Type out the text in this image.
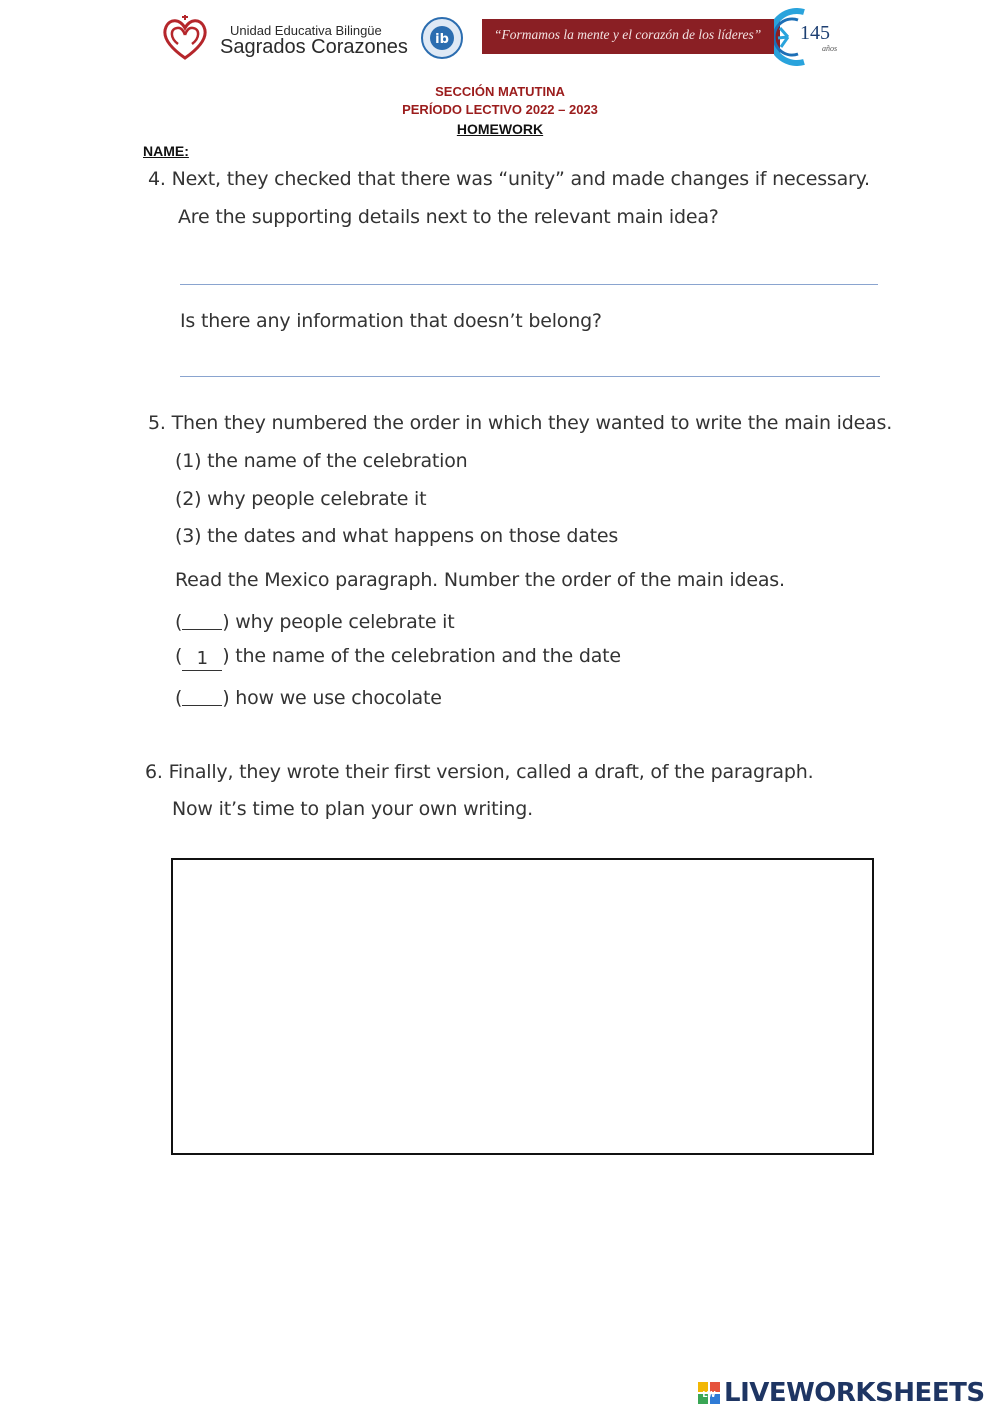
Unidad Educativa Bilingüe
Sagrados Corazones ib	“Formamos la mente y el corazón de los líderes” 145
años
SECCIÓN MATUTINA
PERÍODO LECTIVO 2022 – 2023
HOMEWORK
NAME:
4. Next, they checked that there was “unity” and made changes if necessary.
Are the supporting details next to the relevant main idea?
Is there any information that doesn’t belong?
5. Then they numbered the order in which they wanted to write the main ideas.
(1) the name of the celebration
(2) why people celebrate it
(3) the dates and what happens on those dates
Read the Mexico paragraph. Number the order of the main ideas.
( ) why people celebrate it
( 1 ) the name of the celebration and the date
( ) how we use chocolate
6. Finally, they wrote their first version, called a draft, of the paragraph.
Now it’s time to plan your own writing.
LW LIVEWORKSHEETS
